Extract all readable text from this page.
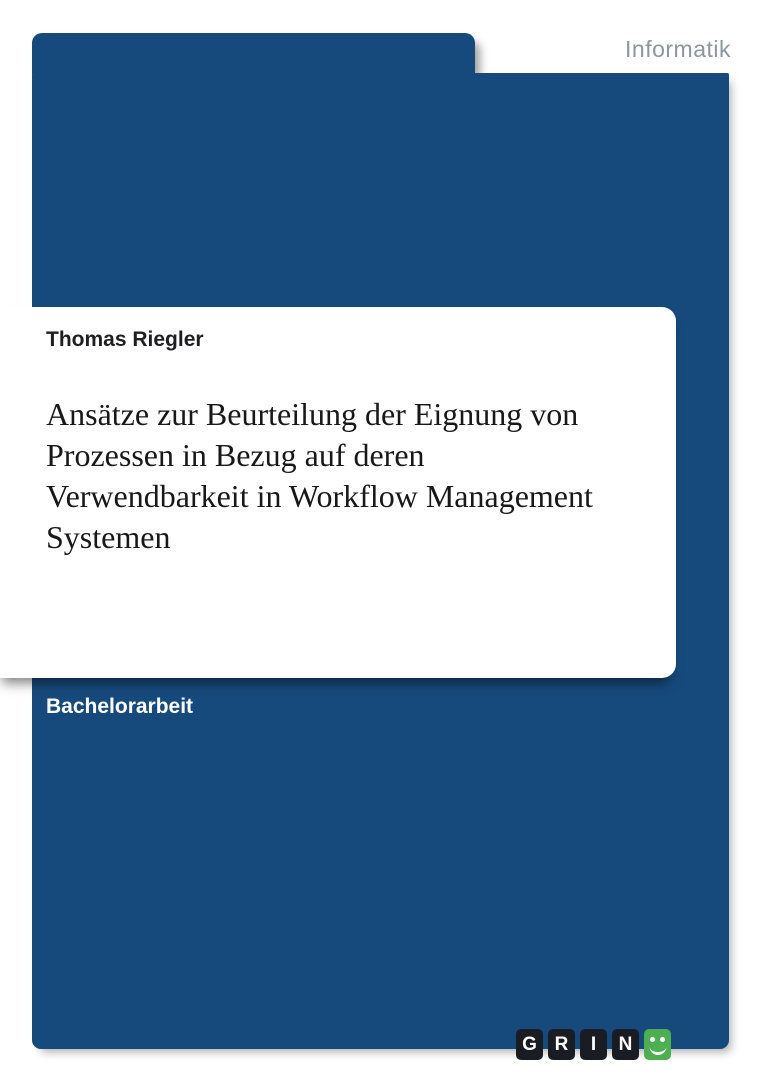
Informatik
Thomas Riegler
Ansätze zur Beurteilung der Eignung von
Prozessen in Bezug auf deren
Verwendbarkeit in Workflow Management
Systemen
Bachelorarbeit
G R	I	N
